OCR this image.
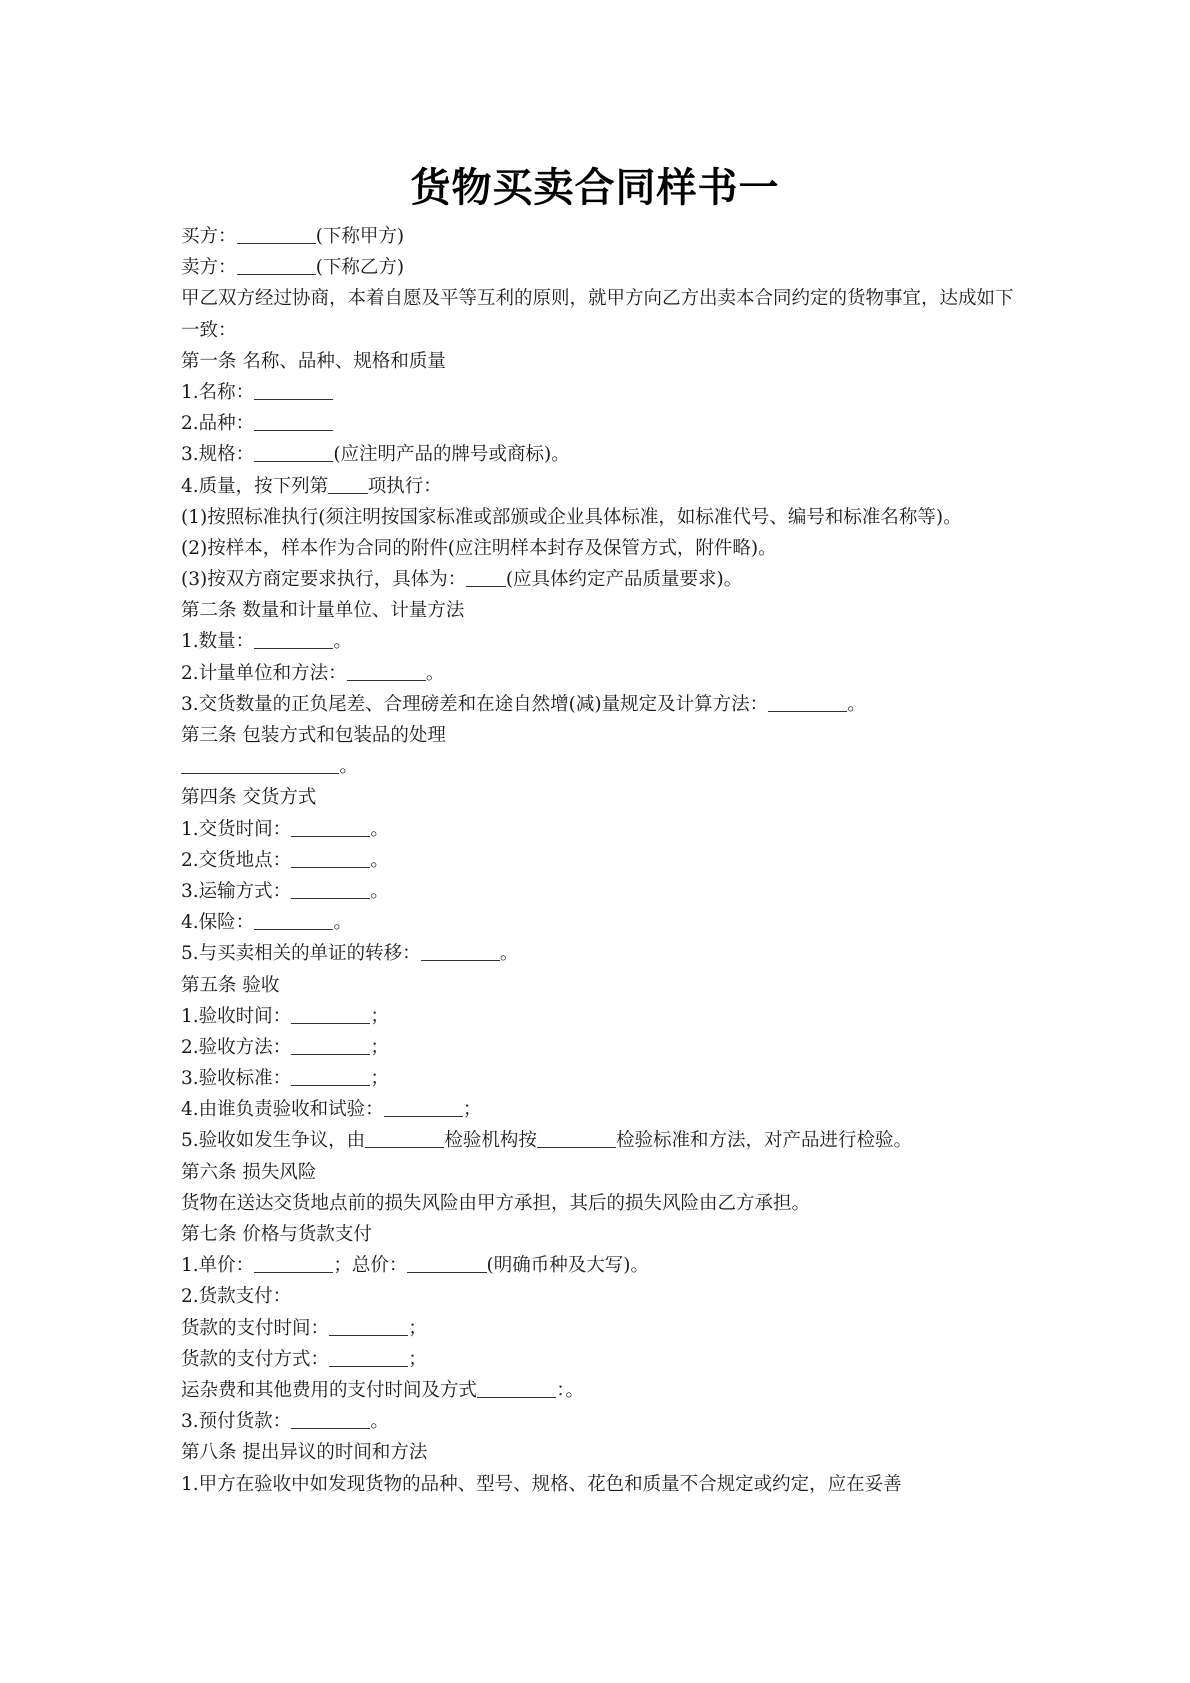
货物买卖合同样书一
买方：	(下称甲方)
卖方：	(下称乙方)
甲乙双方经过协商，本着自愿及平等互利的原则，就甲方向乙方出卖本合同约定的货物事宜，达成如下一致：
第一条 名称、品种、规格和质量
1.名称：
2.品种：
3.规格：	(应注明产品的牌号或商标)。
4.质量，按下列第 项执行：
(1)按照标准执行(须注明按国家标准或部颁或企业具体标准，如标准代号、编号和标准名称等)。
(2)按样本，样本作为合同的附件(应注明样本封存及保管方式，附件略)。
(3)按双方商定要求执行，具体为： (应具体约定产品质量要求)。
第二条 数量和计量单位、计量方法
1.数量：	。
2.计量单位和方法：	。
3.交货数量的正负尾差、合理磅差和在途自然增(减)量规定及计算方法：	。
第三条 包装方式和包装品的处理
。
第四条 交货方式
1.交货时间：	。
2.交货地点：	。
3.运输方式：	。
4.保险：	。
5.与买卖相关的单证的转移：	。
第五条 验收
1.验收时间：	；
2.验收方法：	；
3.验收标准：	；
4.由谁负责验收和试验：	；
5.验收如发生争议，由	检验机构按	检验标准和方法，对产品进行检验。
第六条 损失风险
货物在送达交货地点前的损失风险由甲方承担，其后的损失风险由乙方承担。
第七条 价格与货款支付
1.单价：	；总价：	(明确币种及大写)。
2.货款支付：
货款的支付时间：	；
货款的支付方式：	；
运杂费和其他费用的支付时间及方式	：。
3.预付货款：	。
第八条 提出异议的时间和方法
1.甲方在验收中如发现货物的品种、型号、规格、花色和质量不合规定或约定，应在妥善
